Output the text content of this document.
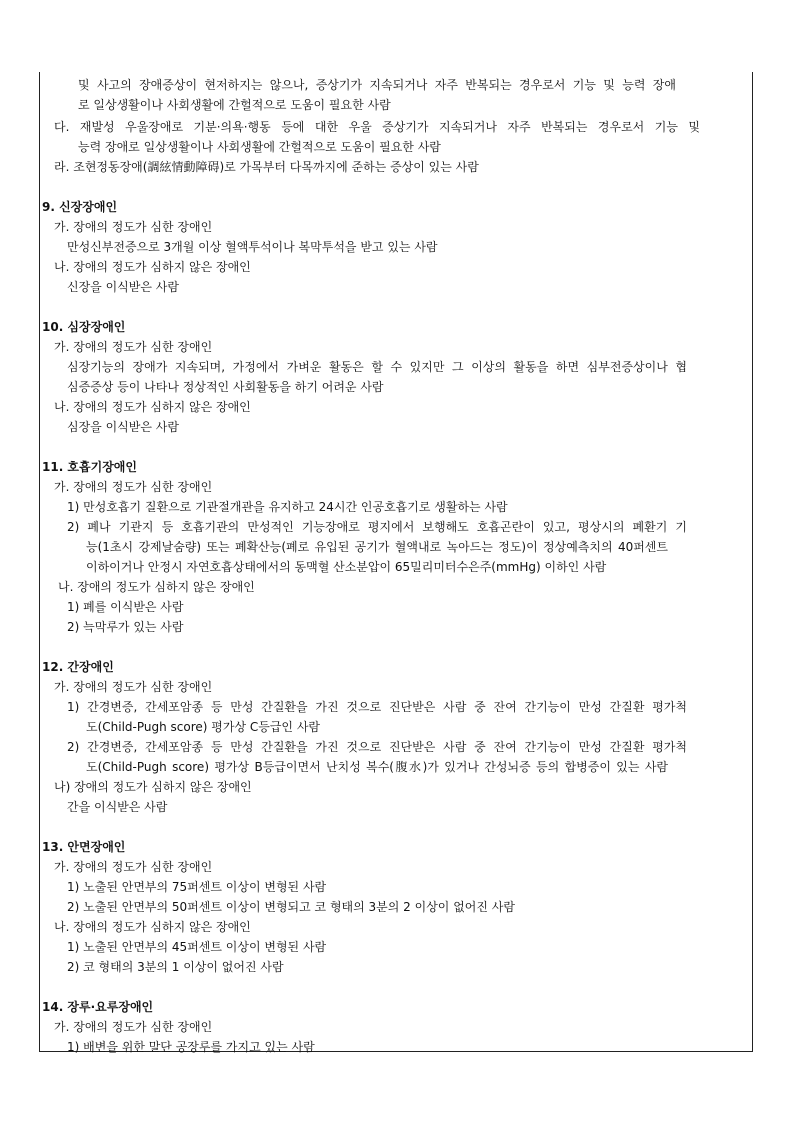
및 사고의 장애증상이 현저하지는 않으나, 증상기가 지속되거나 자주 반복되는 경우로서 기능 및 능력 장애
로 일상생활이나 사회생활에 간헐적으로 도움이 필요한 사람
다. 재발성 우울장애로 기분·의욕·행동 등에 대한 우울 증상기가 지속되거나 자주 반복되는 경우로서 기능 및
능력 장애로 일상생활이나 사회생활에 간헐적으로 도움이 필요한 사람
라. 조현정동장애(調絃情動障碍)로 가목부터 다목까지에 준하는 증상이 있는 사람
9. 신장장애인
가. 장애의 정도가 심한 장애인
만성신부전증으로 3개월 이상 혈액투석이나 복막투석을 받고 있는 사람
나. 장애의 정도가 심하지 않은 장애인
신장을 이식받은 사람
10. 심장장애인
가. 장애의 정도가 심한 장애인
심장기능의 장애가 지속되며, 가정에서 가벼운 활동은 할 수 있지만 그 이상의 활동을 하면 심부전증상이나 협
심증증상 등이 나타나 정상적인 사회활동을 하기 어려운 사람
나. 장애의 정도가 심하지 않은 장애인
심장을 이식받은 사람
11. 호흡기장애인
가. 장애의 정도가 심한 장애인
1) 만성호흡기 질환으로 기관절개관을 유지하고 24시간 인공호흡기로 생활하는 사람
2) 폐나 기관지 등 호흡기관의 만성적인 기능장애로 평지에서 보행해도 호흡곤란이 있고, 평상시의 폐환기 기
능(1초시 강제날숨량) 또는 폐확산능(폐로 유입된 공기가 혈액내로 녹아드는 정도)이 정상예측치의 40퍼센트
이하이거나 안정시 자연호흡상태에서의 동맥혈 산소분압이 65밀리미터수은주(mmHg) 이하인 사람
나. 장애의 정도가 심하지 않은 장애인
1) 폐를 이식받은 사람
2) 늑막루가 있는 사람
12. 간장애인
가. 장애의 정도가 심한 장애인
1) 간경변증, 간세포암종 등 만성 간질환을 가진 것으로 진단받은 사람 중 잔여 간기능이 만성 간질환 평가척
도(Child-Pugh score) 평가상 C등급인 사람
2) 간경변증, 간세포암종 등 만성 간질환을 가진 것으로 진단받은 사람 중 잔여 간기능이 만성 간질환 평가척
도(Child-Pugh score) 평가상 B등급이면서 난치성 복수(腹水)가 있거나 간성뇌증 등의 합병증이 있는 사람
나) 장애의 정도가 심하지 않은 장애인
간을 이식받은 사람
13. 안면장애인
가. 장애의 정도가 심한 장애인
1) 노출된 안면부의 75퍼센트 이상이 변형된 사람
2) 노출된 안면부의 50퍼센트 이상이 변형되고 코 형태의 3분의 2 이상이 없어진 사람
나. 장애의 정도가 심하지 않은 장애인
1) 노출된 안면부의 45퍼센트 이상이 변형된 사람
2) 코 형태의 3분의 1 이상이 없어진 사람
14. 장루·요루장애인
가. 장애의 정도가 심한 장애인
1) 배변을 위한 말단 공장루를 가지고 있는 사람
